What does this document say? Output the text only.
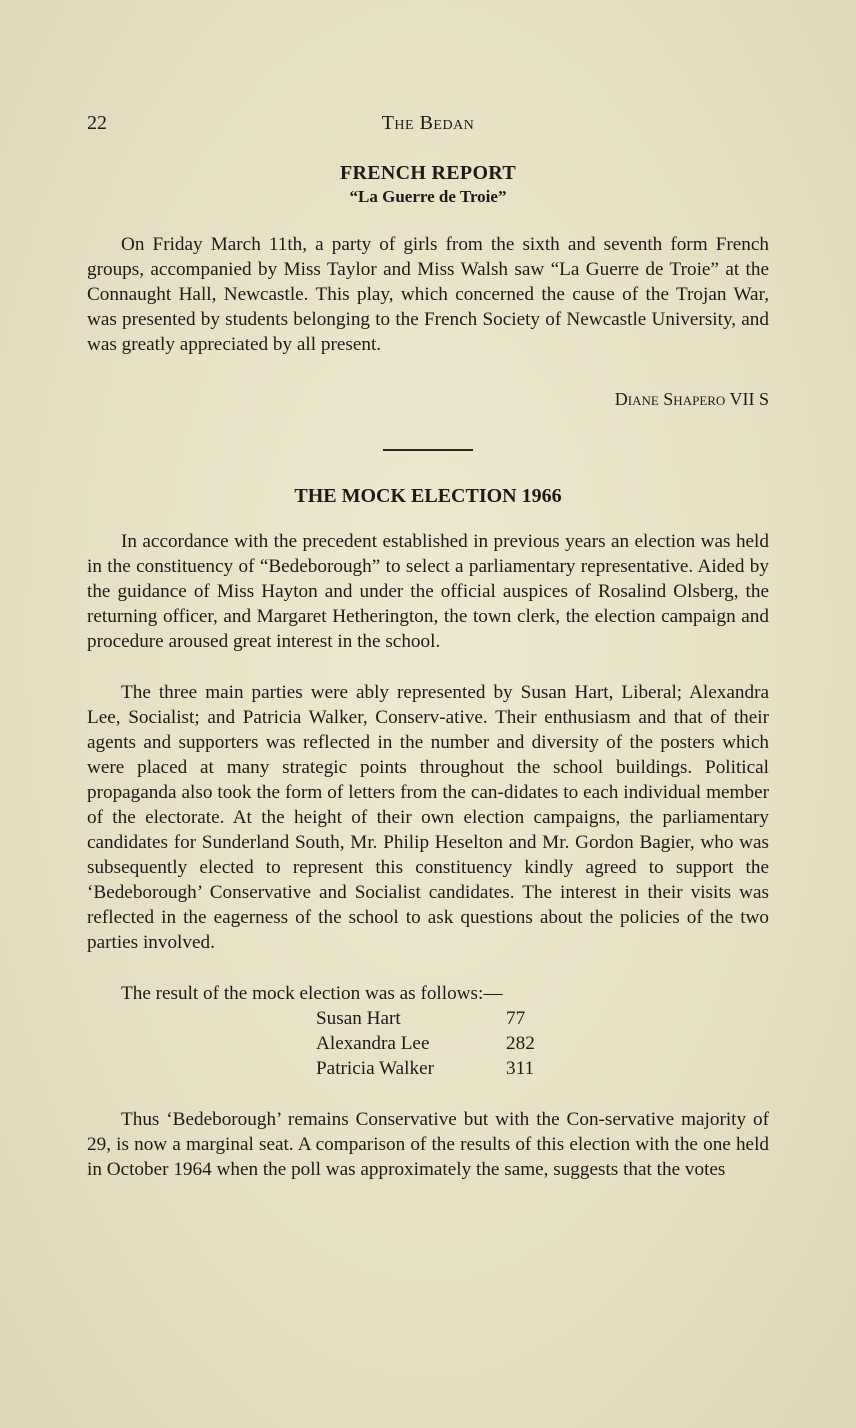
22	The Bedan
FRENCH REPORT
“La Guerre de Troie”

On Friday March 11th, a party of girls from the sixth and seventh form French groups, accompanied by Miss Taylor and Miss Walsh saw “La Guerre de Troie” at the Connaught Hall, Newcastle. This play, which concerned the cause of the Trojan War, was presented by students belonging to the French Society of Newcastle University, and was greatly appreciated by all present.

Diane Shapero VII S
THE MOCK ELECTION 1966

In accordance with the precedent established in previous years an election was held in the constituency of “Bedeborough” to select a parliamentary representative. Aided by the guidance of Miss Hayton and under the official auspices of Rosalind Olsberg, the returning officer, and Margaret Hetherington, the town clerk, the election campaign and procedure aroused great interest in the school.

The three main parties were ably represented by Susan Hart, Liberal; Alexandra Lee, Socialist; and Patricia Walker, Conserv-ative. Their enthusiasm and that of their agents and supporters was reflected in the number and diversity of the posters which were placed at many strategic points throughout the school buildings. Political propaganda also took the form of letters from the can-didates to each individual member of the electorate. At the height of their own election campaigns, the parliamentary candidates for Sunderland South, Mr. Philip Heselton and Mr. Gordon Bagier, who was subsequently elected to represent this constituency kindly agreed to support the ‘Bedeborough’ Conservative and Socialist candidates. The interest in their visits was reflected in the eagerness of the school to ask questions about the policies of the two parties involved.

The result of the mock election was as follows:—

Susan Hart	77
Alexandra Lee	282
Patricia Walker	311

Thus ‘Bedeborough’ remains Conservative but with the Con-servative majority of 29, is now a marginal seat. A comparison of the results of this election with the one held in October 1964 when the poll was approximately the same, suggests that the votes
